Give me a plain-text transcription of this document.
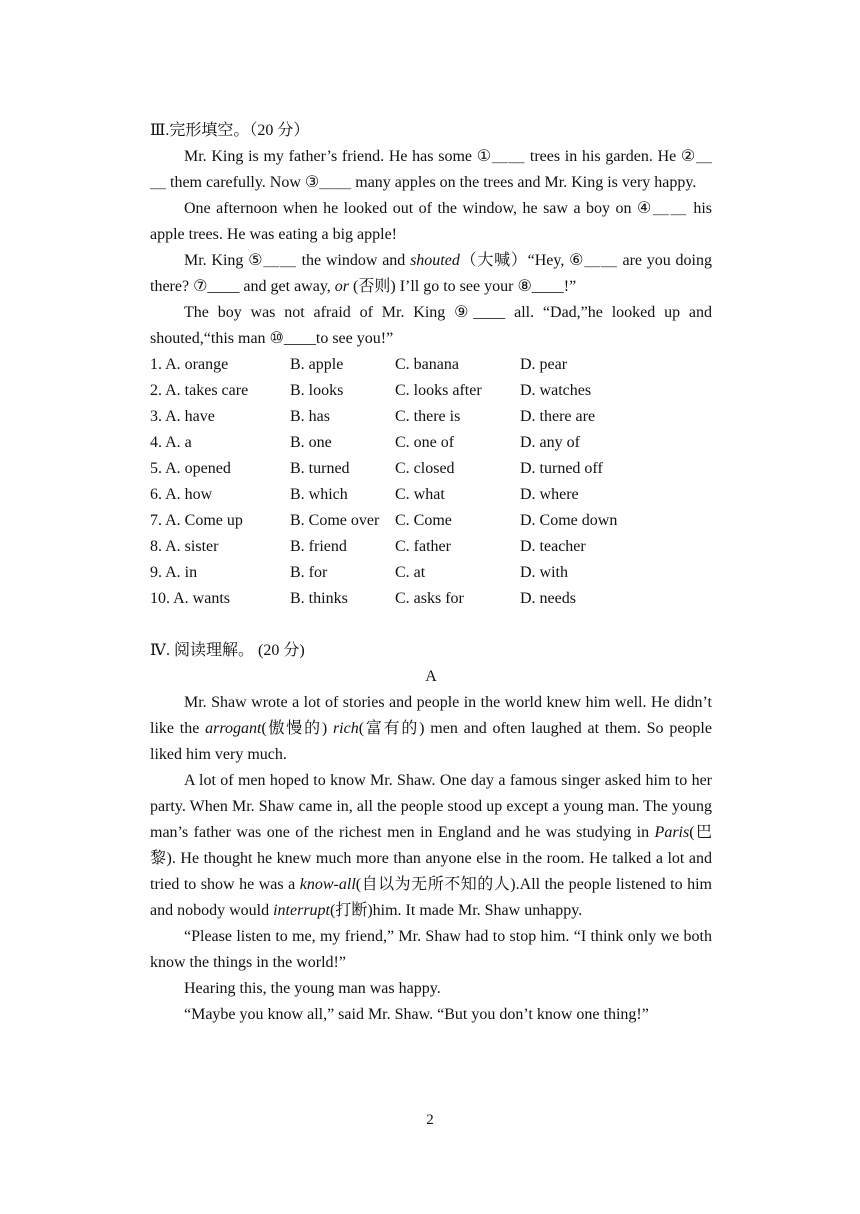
Ⅲ.完形填空。（20 分）

Mr. King is my father’s friend. He has some ①＿＿ trees in his garden. He ②＿＿ them carefully. Now ③＿＿ many apples on the trees and Mr. King is very happy.

One afternoon when he looked out of the window, he saw a boy on ④＿＿ his apple trees. He was eating a big apple!

Mr. King ⑤＿＿ the window and shouted（大喊）“Hey, ⑥＿＿ are you doing there? ⑦____ and get away, or (否则) I’ll go to see your ⑧____!”

The boy was not afraid of Mr. King ⑨____ all. “Dad,”he looked up and shouted,“this man ⑩____to see you!”

1. A. orange	B. apple	C. banana	D. pear
2. A. takes care	B. looks	C. looks after	D. watches
3. A. have	B. has	C. there is	D. there are
4. A. a	B. one	C. one of	D. any of
5. A. opened	B. turned	C. closed	D. turned off
6. A. how	B. which	C. what	D. where
7. A. Come up	B. Come over C. Come	D. Come down
8. A. sister	B. friend	C. father	D. teacher
9. A. in	B. for	C. at	D. with
10. A. wants	B. thinks	C. asks for	D. needs
Ⅳ. 阅读理解。 (20 分)
A

Mr. Shaw wrote a lot of stories and people in the world knew him well. He didn’t like the arrogant(傲慢的) rich(富有的) men and often laughed at them. So people liked him very much.

A lot of men hoped to know Mr. Shaw. One day a famous singer asked him to her party. When Mr. Shaw came in, all the people stood up except a young man. The young man’s father was one of the richest men in England and he was studying in Paris(巴黎). He thought he knew much more than anyone else in the room. He talked a lot and tried to show he was a know-all(自以为无所不知的人).All the people listened to him and nobody would interrupt(打断)him. It made Mr. Shaw unhappy.

“Please listen to me, my friend,” Mr. Shaw had to stop him. “I think only we both know the things in the world!”

Hearing this, the young man was happy.

“Maybe you know all,” said Mr. Shaw. “But you don’t know one thing!”

2
